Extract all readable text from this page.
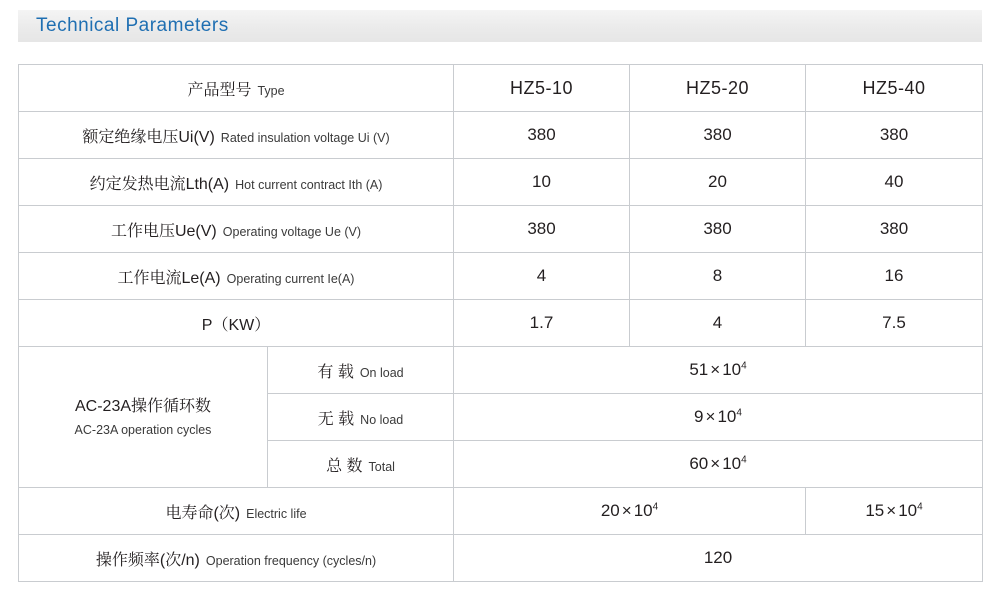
Technical Parameters
产品型号 Type		HZ5-10	HZ5-20	HZ5-40

额定绝缘电压Ui(V) Rated insulation voltage Ui (V)		380	380	380

约定发热电流Lth(A) Hot current contract Ith (A)		10	20	40

工作电压Ue(V) Operating voltage Ue (V)		380	380	380

工作电流Le(A) Operating current Ie(A)		4	8	16
P（KW）		1.7	4	7.5

AC-23A操作循环数
AC-23A operation cycles	有 载 On load	$51 \times 10^4$

	无 载 No load	$9 \times 10^4$

	总 数 Total	$60 \times 10^4$

电寿命(次) Electric life		$20 \times 10^4$		$15 \times 10^4$

操作频率(次/n) Operation frequency (cycles/n)		120		
